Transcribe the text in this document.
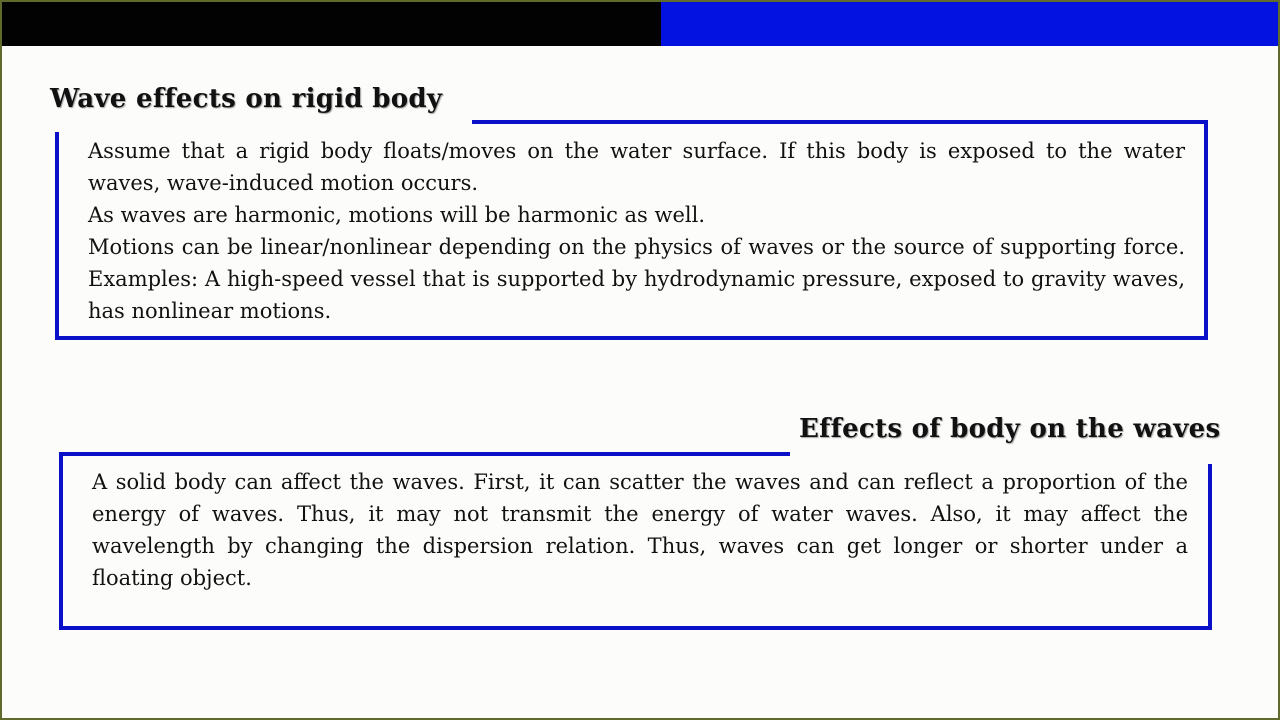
Wave effects on rigid body

Assume that a rigid body floats/moves on the water surface. If this body is exposed to the water waves, wave-induced motion occurs.

As waves are harmonic, motions will be harmonic as well.

Motions can be linear/nonlinear depending on the physics of waves or the source of supporting force. Examples: A high-speed vessel that is supported by hydrodynamic pressure, exposed to gravity waves, has nonlinear motions.

Effects of body on the waves

A solid body can affect the waves. First, it can scatter the waves and can reflect a proportion of the energy of waves. Thus, it may not transmit the energy of water waves. Also, it may affect the wavelength by changing the dispersion relation. Thus, waves can get longer or shorter under a floating object.
